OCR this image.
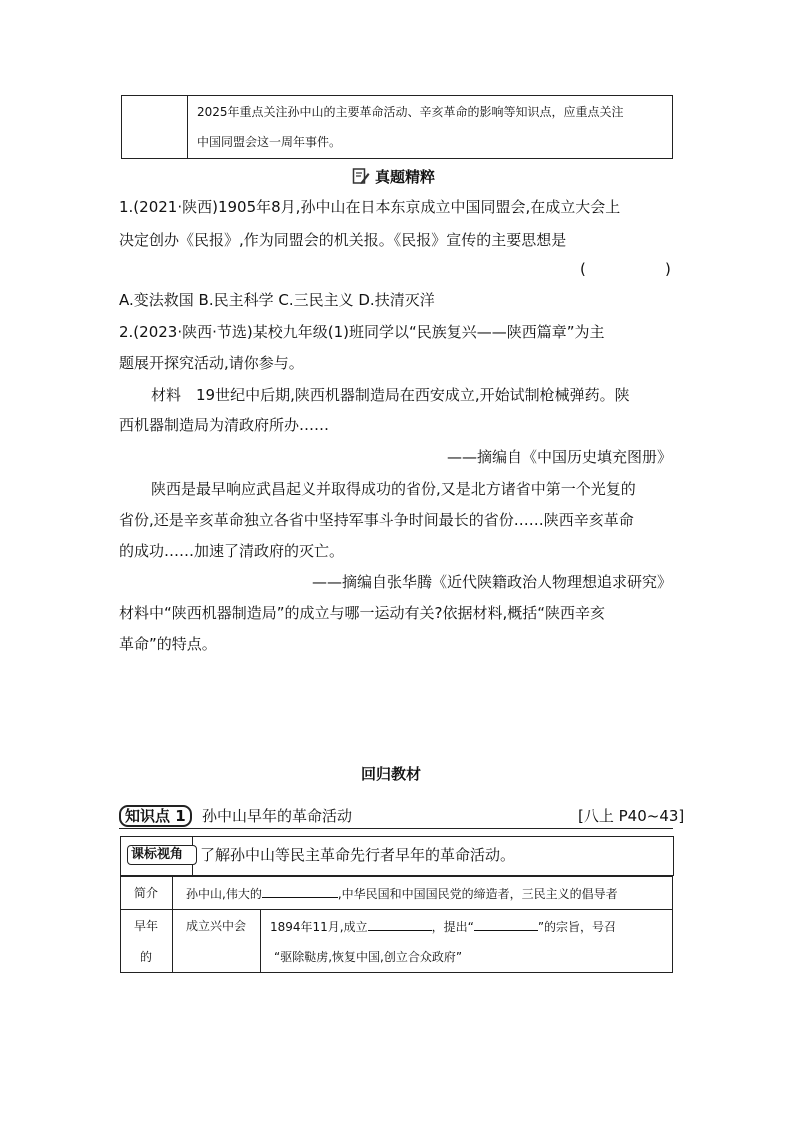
2025年重点关注孙中山的主要革命活动、辛亥革命的影响等知识点，应重点关注
中国同盟会这一周年事件。
真题精粹
1.(2021·陕西)1905年8月,孙中山在日本东京成立中国同盟会,在成立大会上
决定创办《民报》,作为同盟会的机关报。《民报》宣传的主要思想是
(	)
A.变法救国 B.民主科学 C.三民主义 D.扶清灭洋
2.(2023·陕西·节选)某校九年级(1)班同学以“民族复兴——陕西篇章”为主
题展开探究活动,请你参与。
材料　19世纪中后期,陕西机器制造局在西安成立,开始试制枪械弹药。陕
西机器制造局为清政府所办……
——摘编自《中国历史填充图册》
陕西是最早响应武昌起义并取得成功的省份,又是北方诸省中第一个光复的
省份,还是辛亥革命独立各省中坚持军事斗争时间最长的省份……陕西辛亥革命
的成功……加速了清政府的灭亡。
——摘编自张华腾《近代陕籍政治人物理想追求研究》
材料中“陕西机器制造局”的成立与哪一运动有关?依据材料,概括“陕西辛亥
革命”的特点。
回归教材
知识点 1	孙中山早年的革命活动	[八上 P40~43]
课标视角	了解孙中山等民主革命先行者早年的革命活动。
简介 孙中山,伟大的	,中华民国和中国国民党的缔造者，三民主义的倡导者
早年
的
成立兴中会 1894年11月,成立	，提出“	”的宗旨，号召
“驱除鞑虏,恢复中国,创立合众政府”
